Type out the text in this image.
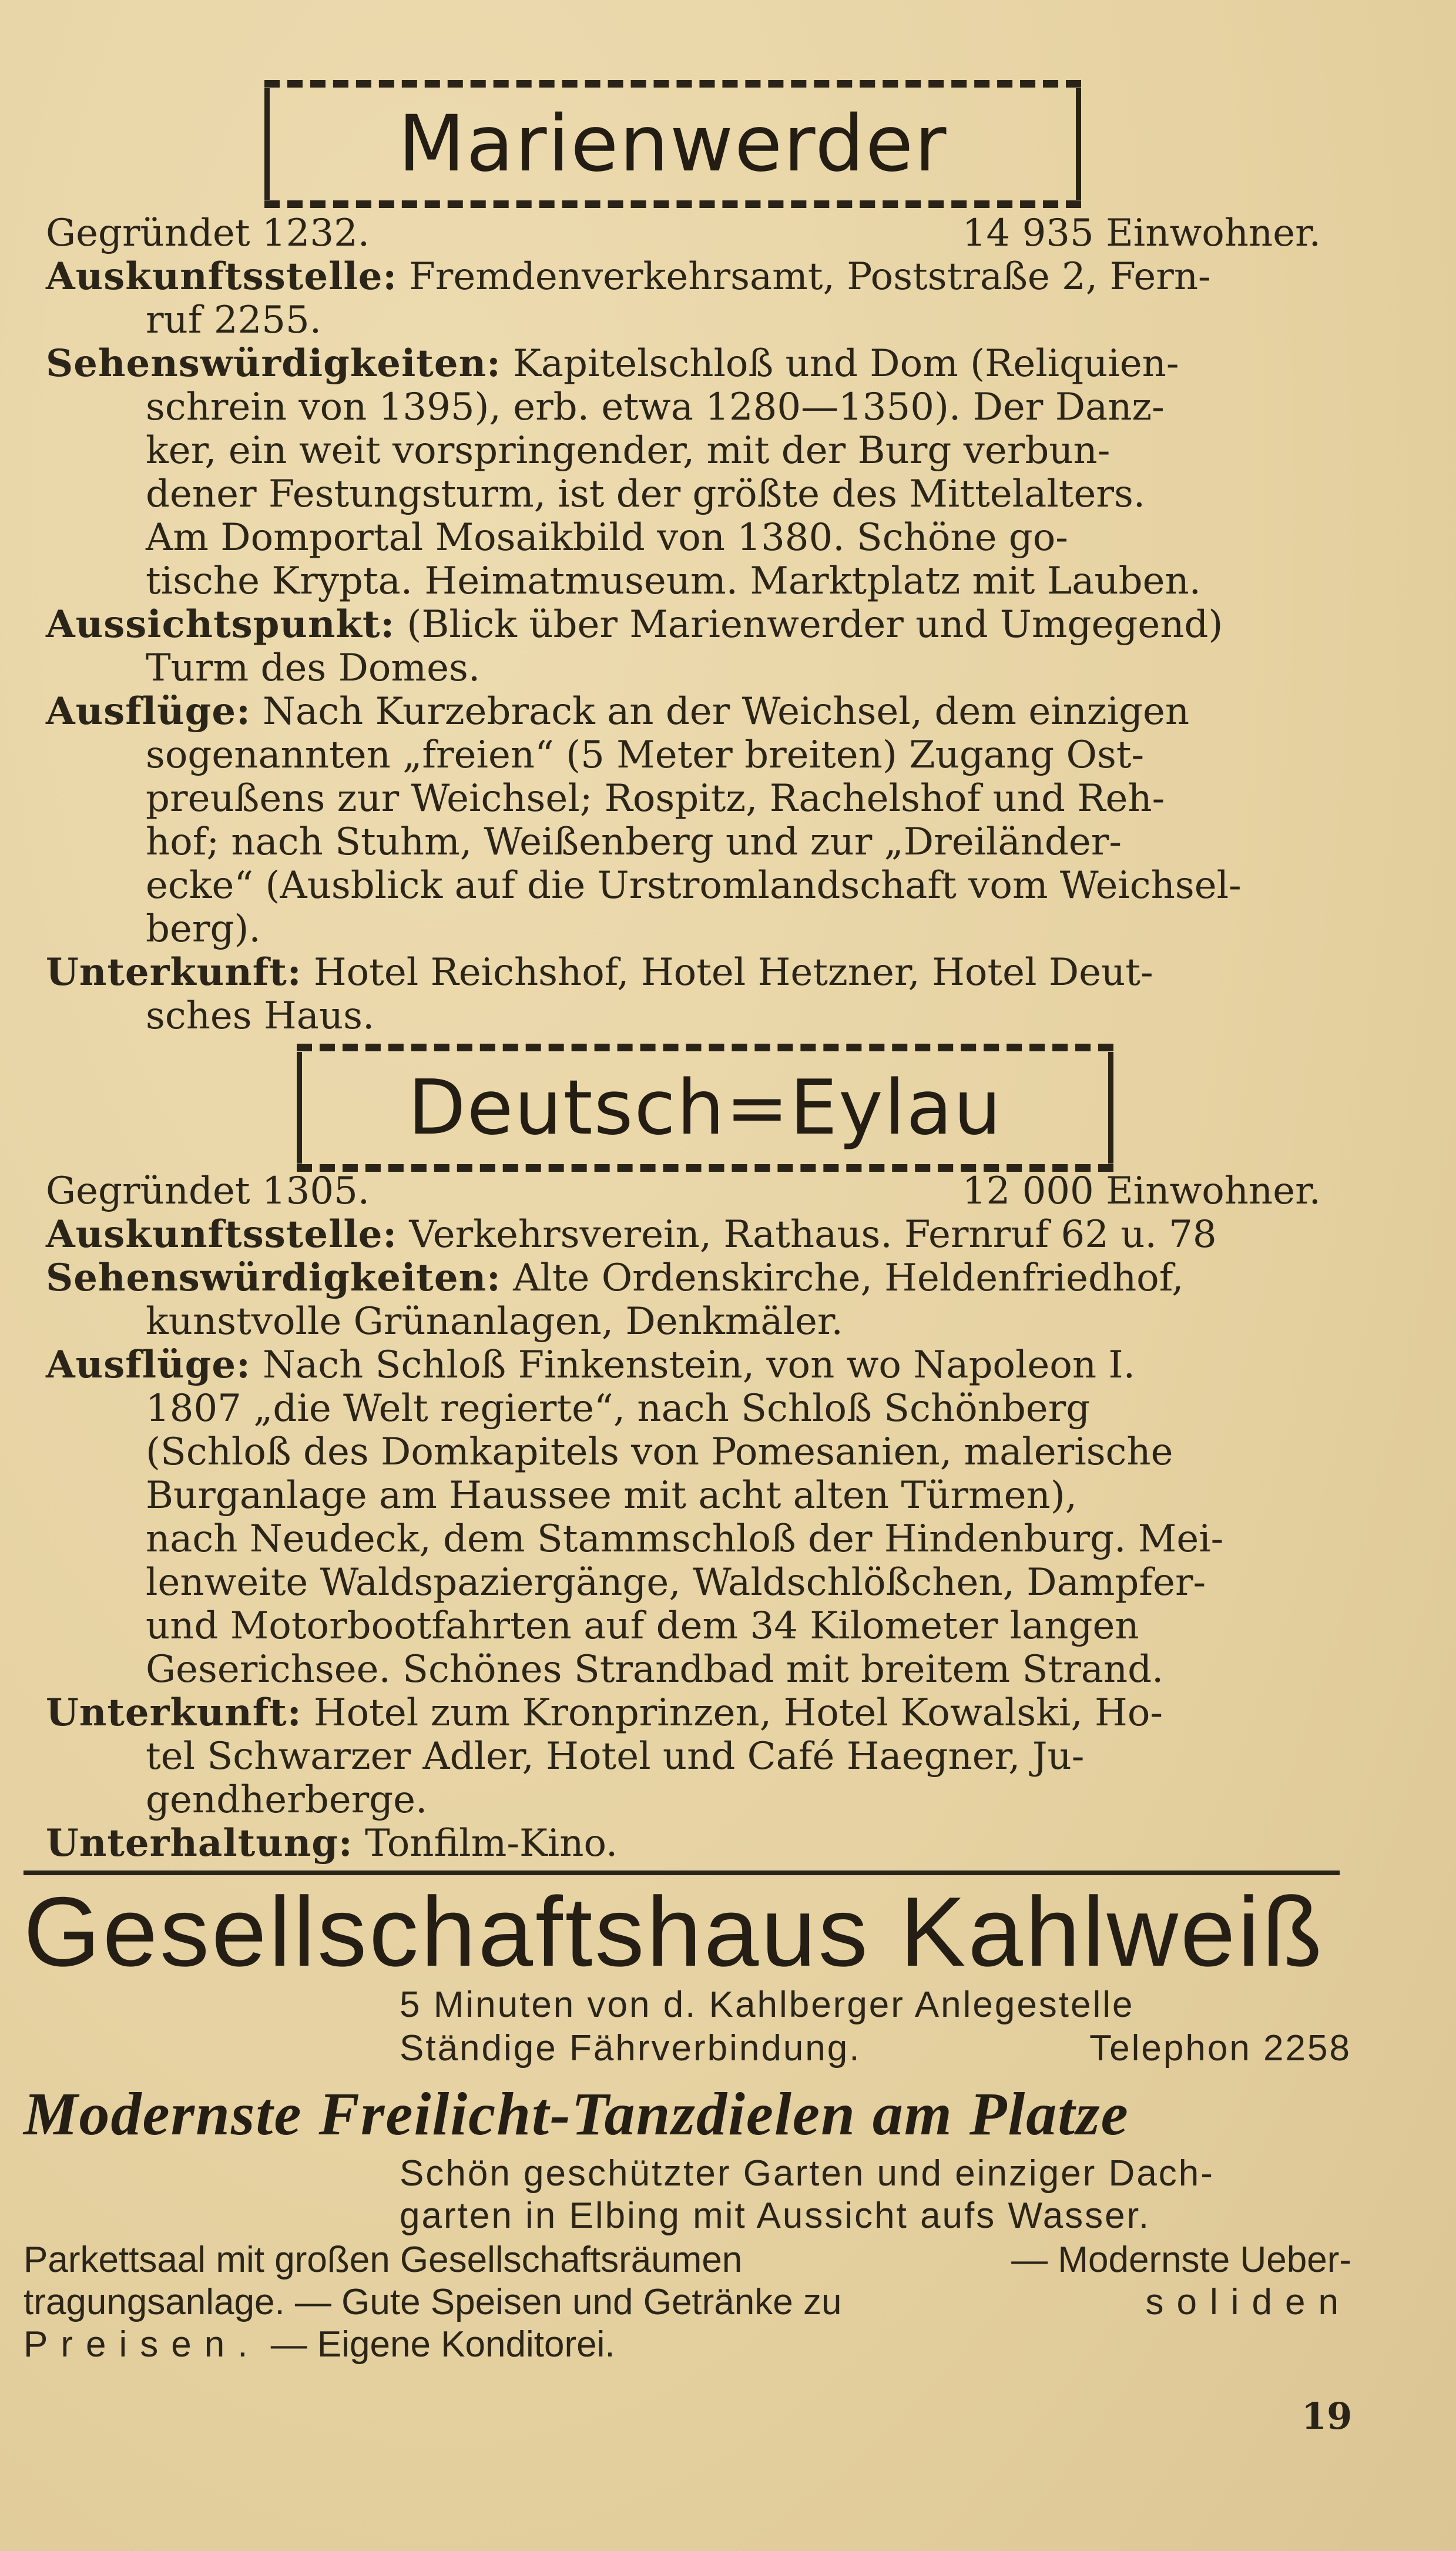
Marienwerder
Gegründet 1232.	14 935 Einwohner.
Auskunftsstelle: Fremdenverkehrsamt, Poststraße 2, Fern-
ruf 2255.
Sehenswürdigkeiten: Kapitelschloß und Dom (Reliquien-
schrein von 1395), erb. etwa 1280—1350). Der Danz-
ker, ein weit vorspringender, mit der Burg verbun-
dener Festungsturm, ist der größte des Mittelalters.
Am Domportal Mosaikbild von 1380. Schöne go-
tische Krypta. Heimatmuseum. Marktplatz mit Lauben.
Aussichtspunkt: (Blick über Marienwerder und Umgegend)
Turm des Domes.
Ausflüge: Nach Kurzebrack an der Weichsel, dem einzigen
sogenannten „freien“ (5 Meter breiten) Zugang Ost-
preußens zur Weichsel; Rospitz, Rachelshof und Reh-
hof; nach Stuhm, Weißenberg und zur „Dreiländer-
ecke“ (Ausblick auf die Urstromlandschaft vom Weichsel-
berg).
Unterkunft: Hotel Reichshof, Hotel Hetzner, Hotel Deut-
sches Haus.
Deutsch=Eylau
Gegründet 1305.	12 000 Einwohner.
Auskunftsstelle: Verkehrsverein, Rathaus. Fernruf 62 u. 78
Sehenswürdigkeiten: Alte Ordenskirche, Heldenfriedhof,
kunstvolle Grünanlagen, Denkmäler.
Ausflüge: Nach Schloß Finkenstein, von wo Napoleon I.
1807 „die Welt regierte“, nach Schloß Schönberg
(Schloß des Domkapitels von Pomesanien, malerische
Burganlage am Haussee mit acht alten Türmen),
nach Neudeck, dem Stammschloß der Hindenburg. Mei-
lenweite Waldspaziergänge, Waldschlößchen, Dampfer-
und Motorbootfahrten auf dem 34 Kilometer langen
Geserichsee. Schönes Strandbad mit breitem Strand.
Unterkunft: Hotel zum Kronprinzen, Hotel Kowalski, Ho-
tel Schwarzer Adler, Hotel und Café Haegner, Ju-
gendherberge.
Unterhaltung: Tonfilm-Kino.
Gesellschaftshaus Kahlweiß
5 Minuten von d. Kahlberger Anlegestelle
Ständige Fährverbindung.	Telephon 2258
Modernste Freilicht-Tanzdielen am Platze
Schön geschützter Garten und einziger Dach-
garten in Elbing mit Aussicht aufs Wasser.
Parkettsaal mit großen Gesellschaftsräumen	— Modernste Ueber-
tragungsanlage. — Gute Speisen und Getränke zu	soliden
Preisen. — Eigene Konditorei.
19
